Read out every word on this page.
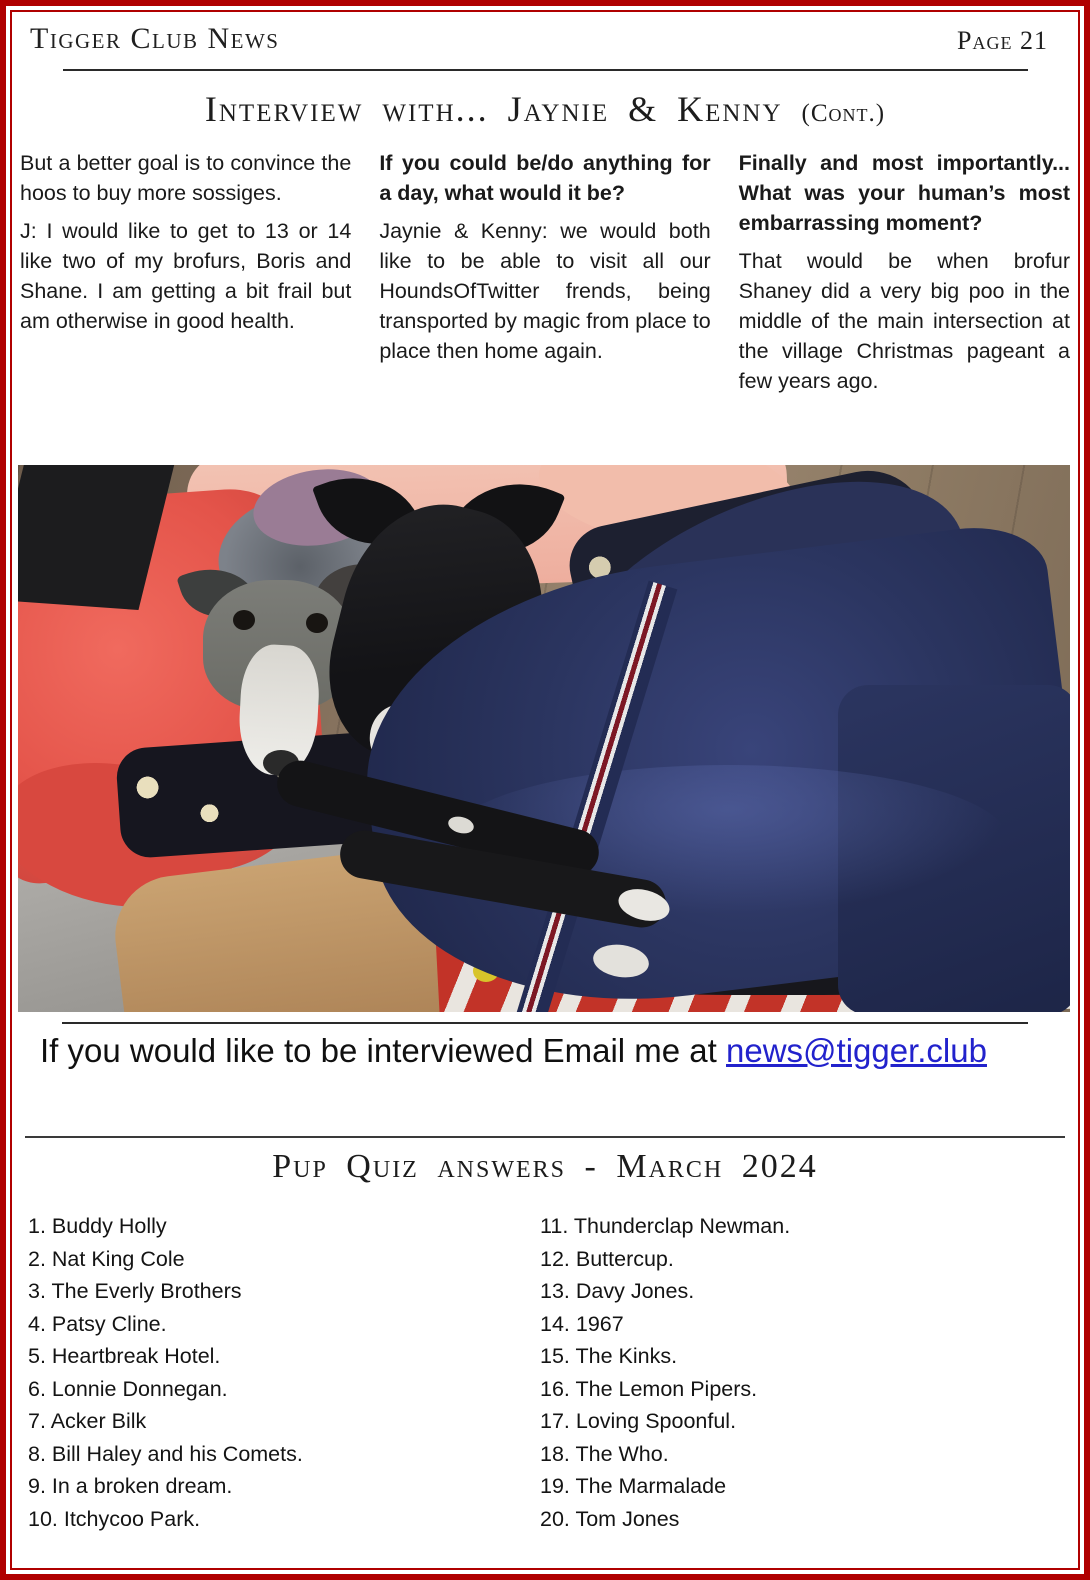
Tigger Club News	Page 21
Interview with... Jaynie & Kenny (Cont.)

But a better goal is to convince the hoos to buy more sossiges.

J: I would like to get to 13 or 14 like two of my brofurs, Boris and Shane. I am getting a bit frail but am otherwise in good health.

If you could be/do anything for a day, what would it be?

Jaynie & Kenny: we would both like to be able to visit all our HoundsOfTwitter frends, being transported by magic from place to place then home again.

Finally and most importantly... What was your human’s most embarrassing moment?

That would be when brofur Shaney did a very big poo in the middle of the main intersection at the village Christmas pageant a few years ago.

If you would like to be interviewed Email me at news@tigger.club
Pup Quiz answers - March 2024
1. Buddy Holly
2. Nat King Cole
3. The Everly Brothers
4. Patsy Cline.
5. Heartbreak Hotel.
6. Lonnie Donnegan.
7. Acker Bilk
8. Bill Haley and his Comets.
9. In a broken dream.
10. Itchycoo Park.
11. Thunderclap Newman.
12. Buttercup.
13. Davy Jones.
14. 1967
15. The Kinks.
16. The Lemon Pipers.
17. Loving Spoonful.
18. The Who.
19. The Marmalade
20. Tom Jones
